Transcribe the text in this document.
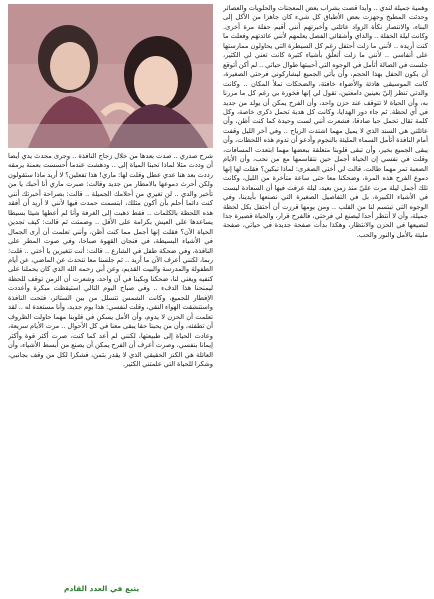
وهمية جميلة لندي .. وأبدا قصت بشراب بعض المعجنات والحلويات والعصائر وحدثت المطبخ وجهزت بعض الأطباق كل شيء كان جاهزا من الأكل إلى البناء، والانتصار نكأة الزواد عائلتي وأخبرتهم أنني أقيم حفلة مرة أخرى. وكانت ليلة الحفلة .. والداي وأشقائي الفصل يعلمهم لأنني عائدتهم وفعلت ما كنت أريده .. لأنني ما زلت أحتفل رغم كل السيطرة التي يحاولون ممارستها على أنفاسي .. لأنني ما زلت أتعلّق بأشياء كثيرة كانت تعني لي الكثير، جلست في الصالة أتأمل في الوجوه التي أحببتها طوال حياتي .. لم أكن أتوقع أن يكون الحفل بهذا الحجم، وأن يأتي الجميع ليشاركوني فرحتي الصغيرة، كانت الموسيقى هادئة والأضواء خافتة، والضحكات تملأ المكان .. وكانت والدتي تنظر إليّ بعينين دامعتين، تقول لي إنها فخورة بي رغم كل ما مررنا به، وأن الحياة لا تتوقف عند حزن واحد، وأن الفرح يمكن أن يولد من جديد في أي لحظة. ثم جاء دور الهدايا، وكانت كل هدية تحمل ذكرى خاصة، وكل كلمة تقال تحمل حبا صادقا، فشعرت أنني لست وحيدة كما كنت أظن، وأن عائلتي هي السند الذي لا يميل مهما اشتدت الرياح .. وفي آخر الليل وقفت أمام النافذة أتأمل السماء المليئة بالنجوم وأدعو أن تدوم هذه اللحظات، وأن يبقى الجميع بخير، وأن تبقى قلوبنا متعلقة ببعضها مهما ابتعدت المسافات، وقلت في نفسي إن الحياة أجمل حين نتقاسمها مع من نحب، وأن الأيام الصعبة تمر مهما طالت. قالت لي أختي الصغرى: لماذا تبكين؟ فقلت لها إنها دموع الفرح هذه المرة، وضحكنا معا حتى ساعة متأخرة من الليل، وكانت تلك أجمل ليلة مرت عليّ منذ زمن بعيد، ليلة عرفت فيها أن السعادة ليست في الأشياء الكبيرة، بل في التفاصيل الصغيرة التي نصنعها بأيدينا، وفي الوجوه التي تبتسم لنا من القلب .. ومن يومها قررت أن أحتفل بكل لحظة جميلة، وأن لا أنتظر أحدا ليصنع لي فرحتي، فالفرح قرار، والحياة قصيرة جدا لنضيعها في الحزن والانتظار، وهكذا بدأت صفحة جديدة في حياتي، صفحة مليئة بالأمل والنور والحب.

شرح صدري .. صدت بعدها من خلال زجاج النافذة .. وجرى محدث يدي أيضا أن وددت مثلا لماذا تحبنا المياة إلى .. ودهشت عندما أحسست بعمنة يرمقه رددت بعد هنا عدي عطل وقلت لها: ماري! هذا تفعلين؟ لا أريد ماذا ستقولون ولكن أحرث دموعها بالامطار من جديد وقالت: صبرت ماري أنا أحبك يا من تأخير والدي .. لن تغيري من أحلامك الجميلة .. قالت: بصراحة أخبرتك أنني كنت دائما أحلم بأن أكون مثلك، ابتسمت حمدت فيها لأنني لا أريد أن أفقد هذه اللحظة بالكلمات .. فقط ذهبت إلى الغرفة وأنا لم أعطها شيئا بسيطا يساعدها على العيش بكرامة على الأقل .. وصمتت ثم قالت: كيف تجدين الحياة الآن؟ فقلت إنها أجمل مما كنت أظن، وأنني تعلمت أن أرى الجمال في الأشياء البسيطة، في فنجان القهوة صباحا، وفي صوت المطر على النافذة، وفي ضحكة طفل في الشارع .. قالت: أنت تتغيرين يا أختي .. قلت: ربما، لكنني أعرف الآن ما أريد .. ثم جلسنا معا نتحدث عن الماضي، عن أيام الطفولة والمدرسة والبيت القديم، وعن أبي رحمه الله الذي كان يحملنا على كتفيه ويغني لنا، ضحكنا وبكينا في آن واحد، وشعرت أن الزمن توقف للحظة ليمنحنا هذا الدفء .. وفي صباح اليوم التالي استيقظت مبكرة وأعددت الإفطار للجميع، وكانت الشمس تتسلل من بين الستائر، فتحت النافذة واستنشقت الهواء النقي، وقلت لنفسي: هذا يوم جديد، وأنا مستعدة له .. لقد تعلمت أن الحزن لا يدوم، وأن الأمل يسكن في قلوبنا مهما حاولت الظروف أن تطفئه، وأن من يحبنا حقا يبقى معنا في كل الأحوال .. مرت الأيام سريعة، وعادت الحياة إلى طبيعتها، لكنني لم أعد كما كنت، صرت أكثر قوة وأكثر إيمانا بنفسي، وصرت أعرف أن الفرح يمكن أن يصنع من أبسط الأشياء، وأن العائلة هي الكنز الحقيقي الذي لا يقدر بثمن، فشكرا لكل من وقف بجانبي، وشكرا للحياة التي علمتني الكثير.

يتبع في العدد القادم
